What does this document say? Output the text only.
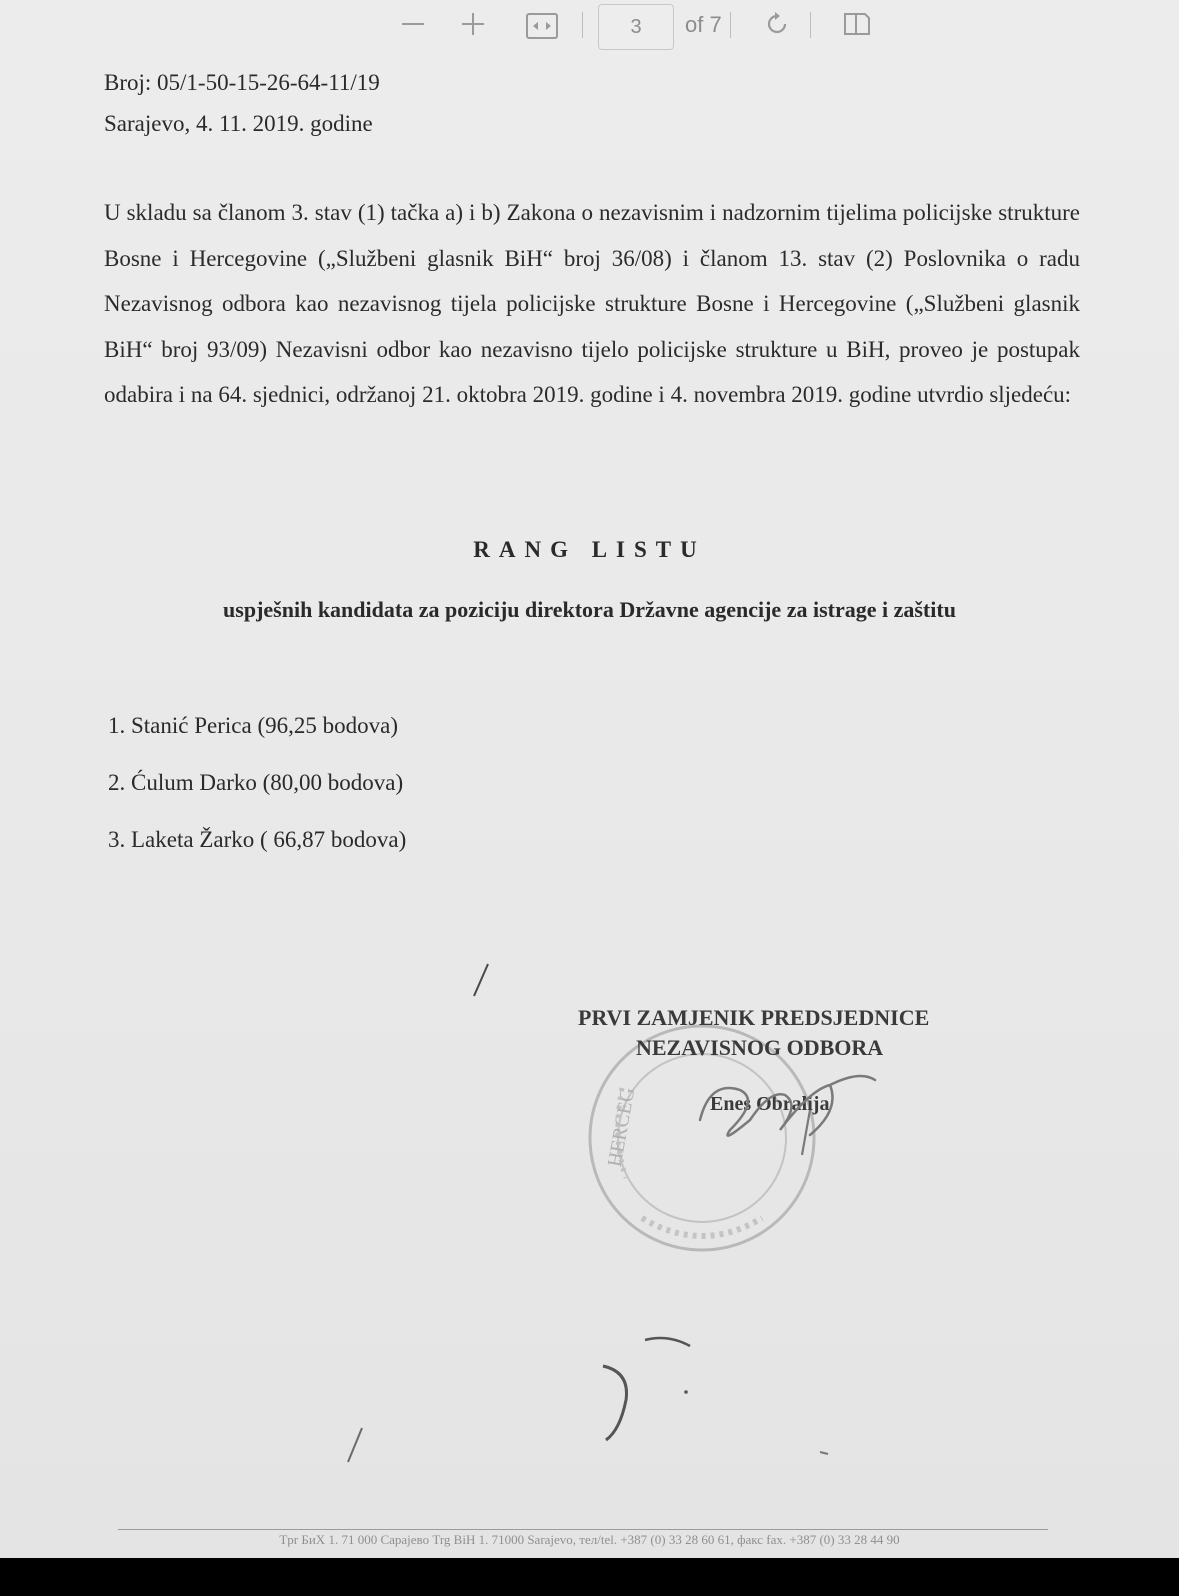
3	of 7
Broj: 05/1-50-15-26-64-11/19
Sarajevo, 4. 11. 2019. godine
U skladu sa članom 3. stav (1) tačka a) i b) Zakona o nezavisnim i nadzornim tijelima policijske strukture Bosne i Hercegovine („Službeni glasnik BiH“ broj 36/08) i članom 13. stav (2) Poslovnika o radu Nezavisnog odbora kao nezavisnog tijela policijske strukture Bosne i Hercegovine („Službeni glasnik BiH“ broj 93/09) Nezavisni odbor kao nezavisno tijelo policijske strukture u BiH, proveo je postupak odabira i na 64. sjednici, održanoj 21. oktobra 2019. godine i 4. novembra 2019. godine utvrdio sljedeću:
RANG LISTU
uspješnih kandidata za poziciju direktora Državne agencije za istrage i zaštitu
1. Stanić Perica (96,25 bodova)
2. Ćulum Darko (80,00 bodova)
3. Laketa Žarko ( 66,87 bodova)
HERCEG
PRVI ZAMJENIK PREDSJEDNICE
NEZAVISNOG ODBORA
Enes Obralija
Tpr БиХ 1. 71 000 Сарајево Trg BiH 1. 71000 Sarajevo, тел/tel. +387 (0) 33 28 60 61, факс fax. +387 (0) 33 28 44 90
